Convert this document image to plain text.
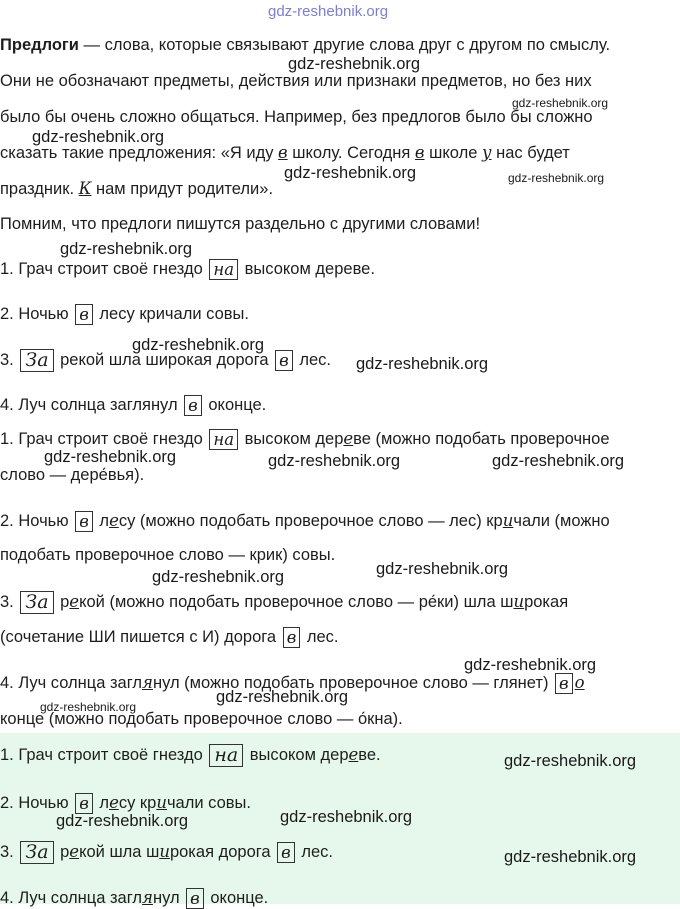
gdz-reshebnik.org
gdz-reshebnik.org
gdz-reshebnik.org
gdz-reshebnik.org
gdz-reshebnik.org	gdz-reshebnik.org
gdz-reshebnik.org
gdz-reshebnik.org
gdz-reshebnik.org
gdz-reshebnik.org	gdz-reshebnik.org	gdz-reshebnik.org
gdz-reshebnik.org	gdz-reshebnik.org
gdz-reshebnik.org
gdz-reshebnik.org
gdz-reshebnik.org
gdz-reshebnik.org
gdz-reshebnik.org
gdz-reshebnik.org
gdz-reshebnik.org
Предлоги — слова, которые связывают другие слова друг с другом по смыслу.
Они не обозначают предметы, действия или признаки предметов, но без них
было бы очень сложно общаться. Например, без предлогов было бы сложно
сказать такие предложения: «Я иду в школу. Сегодня в школе у нас будет
праздник. К нам придут родители».
Помним, что предлоги пишутся раздельно с другими словами!
1. Грач строит своё гнездо на высоком дереве.
2. Ночью в лесу кричали совы.
3. За рекой шла широкая дорога в лес.
4. Луч солнца заглянул в оконце.
1. Грач строит своё гнездо на высоком дереве (можно подобать проверочное
слово — дере́вья).
2. Ночью в лесу (можно подобать проверочное слово — лес) кричали (можно
подобать проверочное слово — крик) совы.
3. За рекой (можно подобать проверочное слово — ре́ки) шла широкая
(сочетание ШИ пишется с И) дорога в лес.
4. Луч солнца заглянул (можно подобать проверочное слово — глянет) в о
конце (можно подобать проверочное слово — о́кна).
1. Грач строит своё гнездо на высоком дереве.
2. Ночью в лесу кричали совы.
3. За рекой шла широкая дорога в лес.
4. Луч солнца заглянул в оконце.
